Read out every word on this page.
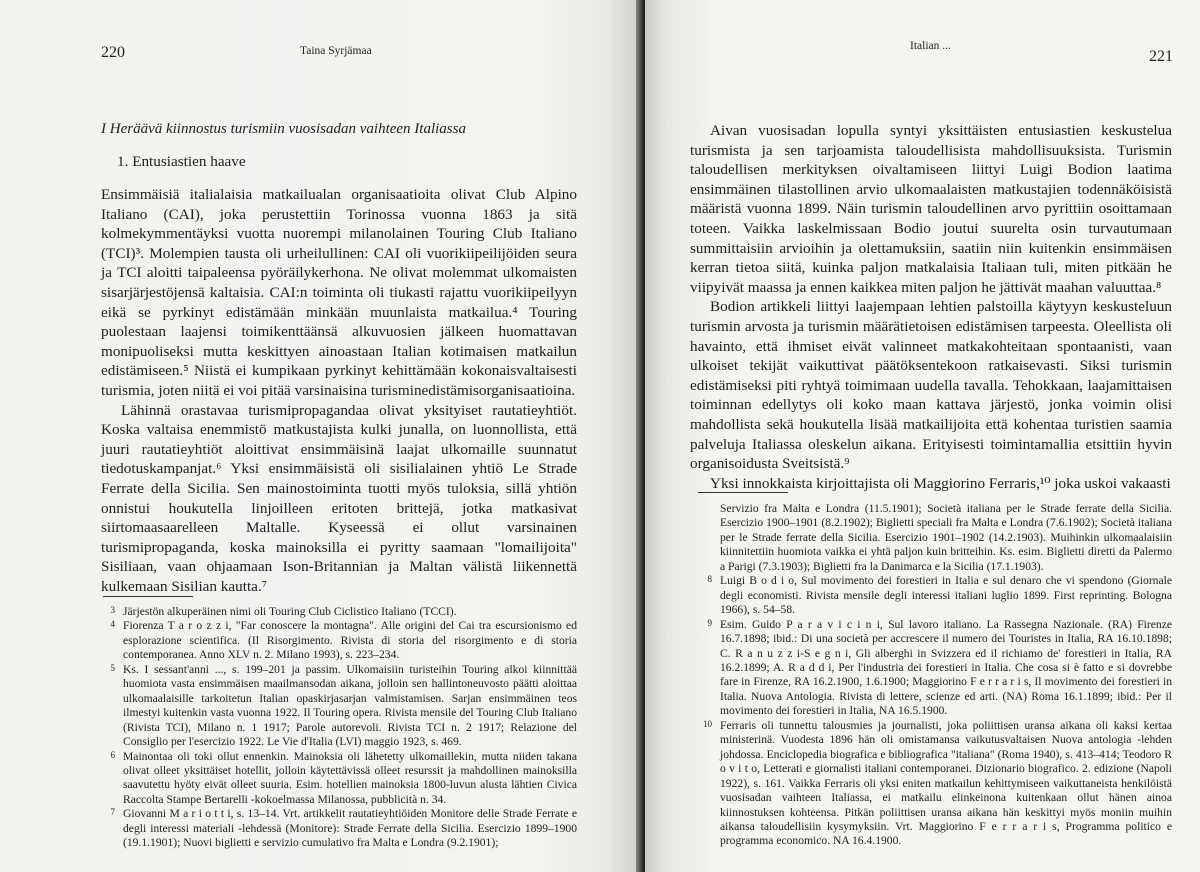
220	Taina Syrjämaa
I Heräävä kiinnostus turismiin vuosisadan vaihteen Italiassa
1. Entusiastien haave

Ensimmäisiä italialaisia matkailualan organisaatioita olivat Club Alpino Italiano (CAI), joka perustettiin Torinossa vuonna 1863 ja sitä kolmekymmentäyksi vuotta nuorempi milanolainen Touring Club Italiano (TCI)³. Molempien tausta oli urheilullinen: CAI oli vuorikiipeilijöiden seura ja TCI aloitti taipaleensa pyöräilykerhona. Ne olivat molemmat ulkomaisten sisarjärjestöjensä kaltaisia. CAI:n toiminta oli tiukasti rajattu vuorikiipeilyyn eikä se pyrkinyt edistämään minkään muunlaista matkailua.⁴ Touring puolestaan laajensi toimikenttäänsä alkuvuosien jälkeen huomattavan monipuoliseksi mutta keskittyen ainoastaan Italian kotimaisen matkailun edistämiseen.⁵ Niistä ei kumpikaan pyrkinyt kehittämään kokonaisvaltaisesti turismia, joten niitä ei voi pitää varsinaisina turisminedistämisorganisaatioina.

Lähinnä orastavaa turismipropagandaa olivat yksityiset rautatieyhtiöt. Koska valtaisa enemmistö matkustajista kulki junalla, on luonnollista, että juuri rautatieyhtiöt aloittivat ensimmäisinä laajat ulkomaille suunnatut tiedotuskampanjat.⁶ Yksi ensimmäisistä oli sisilialainen yhtiö Le Strade Ferrate della Sicilia. Sen mainostoiminta tuotti myös tuloksia, sillä yhtiön onnistui houkutella linjoilleen eritoten brittejä, jotka matkasivat siirtomaasaarelleen Maltalle. Kyseessä ei ollut varsinainen turismipropaganda, koska mainoksilla ei pyritty saamaan "lomailijoita" Sisiliaan, vaan ohjaamaan Ison-Britannian ja Maltan välistä liikennettä kulkemaan Sisilian kautta.⁷

3 Järjestön alkuperäinen nimi oli Touring Club Ciclistico Italiano (TCCI).
4 Fiorenza T a r o z z i, "Far conoscere la montagna". Alle origini del Cai tra escursionismo ed esplorazione scientifica. (Il Risorgimento. Rivista di storia del risorgimento e di storia contemporanea. Anno XLV n. 2. Milano 1993), s. 223–234.
5 Ks. I sessant'anni ..., s. 199–201 ja passim. Ulkomaisiin turisteihin Touring alkoi kiinnittää huomiota vasta ensimmäisen maailmansodan aikana, jolloin sen hallintoneuvosto päätti aloittaa ulkomaalaisille tarkoitetun Italian opaskirjasarjan valmistamisen. Sarjan ensimmäinen teos ilmestyi kuitenkin vasta vuonna 1922. Il Touring opera. Rivista mensile del Touring Club Italiano (Rivista TCI), Milano n. 1 1917; Parole autorevoli. Rivista TCI n. 2 1917; Relazione del Consiglio per l'esercizio 1922. Le Vie d'Italia (LVI) maggio 1923, s. 469.
6 Mainontaa oli toki ollut ennenkin. Mainoksia oli lähetetty ulkomaillekin, mutta niiden takana olivat olleet yksittäiset hotellit, jolloin käytettävissä olleet resurssit ja mahdollinen mainoksilla saavutettu hyöty eivät olleet suuria. Esim. hotellien mainoksia 1800-luvun alusta lähtien Civica Raccolta Stampe Bertarelli -kokoelmassa Milanossa, pubblicità n. 34.
7 Giovanni M a r i o t t i, s. 13–14. Vrt. artikkelit rautatieyhtiöiden Monitore delle Strade Ferrate e degli interessi materiali -lehdessä (Monitore): Strade Ferrate della Sicilia. Esercizio 1899–1900 (19.1.1901); Nuovi biglietti e servizio cumulativo fra Malta e Londra (9.2.1901);
Italian ...
221

Aivan vuosisadan lopulla syntyi yksittäisten entusiastien keskustelua turismista ja sen tarjoamista taloudellisista mahdollisuuksista. Turismin taloudellisen merkityksen oivaltamiseen liittyi Luigi Bodion laatima ensimmäinen tilastollinen arvio ulkomaalaisten matkustajien todennäköisistä määristä vuonna 1899. Näin turismin taloudellinen arvo pyrittiin osoittamaan toteen. Vaikka laskelmissaan Bodio joutui suurelta osin turvautumaan summittaisiin arvioihin ja olettamuksiin, saatiin niin kuitenkin ensimmäisen kerran tietoa siitä, kuinka paljon matkalaisia Italiaan tuli, miten pitkään he viipyivät maassa ja ennen kaikkea miten paljon he jättivät maahan valuuttaa.⁸

Bodion artikkeli liittyi laajempaan lehtien palstoilla käytyyn keskusteluun turismin arvosta ja turismin määrätietoisen edistämisen tarpeesta. Oleellista oli havainto, että ihmiset eivät valinneet matkakohteitaan spontaanisti, vaan ulkoiset tekijät vaikuttivat päätöksentekoon ratkaisevasti. Siksi turismin edistämiseksi piti ryhtyä toimimaan uudella tavalla. Tehokkaan, laajamittaisen toiminnan edellytys oli koko maan kattava järjestö, jonka voimin olisi mahdollista sekä houkutella lisää matkailijoita että kohentaa turistien saamia palveluja Italiassa oleskelun aikana. Erityisesti toimintamallia etsittiin hyvin organisoidusta Sveitsistä.⁹

Yksi innokkaista kirjoittajista oli Maggiorino Ferraris,¹⁰ joka uskoi vakaasti

Servizio fra Malta e Londra (11.5.1901); Società italiana per le Strade ferrate della Sicilia. Esercizio 1900–1901 (8.2.1902); Biglietti speciali fra Malta e Londra (7.6.1902); Società italiana per le Strade ferrate della Sicilia. Esercizio 1901–1902 (14.2.1903). Muihinkin ulkomaalaisiin kiinnitettiin huomiota vaikka ei yhtä paljon kuin britteihin. Ks. esim. Biglietti diretti da Palermo a Parigi (7.3.1903); Biglietti fra la Danimarca e la Sicilia (17.1.1903).
8 Luigi B o d i o, Sul movimento dei forestieri in Italia e sul denaro che vi spendono (Giornale degli economisti. Rivista mensile degli interessi italiani luglio 1899. First reprinting. Bologna 1966), s. 54–58.
9 Esim. Guido P a r a v i c i n i, Sul lavoro italiano. La Rassegna Nazionale. (RA) Firenze 16.7.1898; ibid.: Di una società per accrescere il numero dei Touristes in Italia, RA 16.10.1898; C. R a n u z z i-S e g n i, Gli alberghi in Svizzera ed il richiamo de' forestieri in Italia, RA 16.2.1899; A. R a d d i, Per l'industria dei forestieri in Italia. Che cosa si è fatto e si dovrebbe fare in Firenze, RA 16.2.1900, 1.6.1900; Maggiorino F e r r a r i s, Il movimento dei forestieri in Italia. Nuova Antologia. Rivista di lettere, scienze ed arti. (NA) Roma 16.1.1899; ibid.: Per il movimento dei forestieri in Italia, NA 16.5.1900.
10 Ferraris oli tunnettu talousmies ja journalisti, joka poliittisen uransa aikana oli kaksi kertaa ministerinä. Vuodesta 1896 hän oli omistamansa vaikutusvaltaisen Nuova antologia -lehden johdossa. Enciclopedia biografica e bibliografica "italiana" (Roma 1940), s. 413–414; Teodoro R o v i t o, Letterati e giornalisti italiani contemporanei. Dizionario biografico. 2. edizione (Napoli 1922), s. 161. Vaikka Ferraris oli yksi eniten matkailun kehittymiseen vaikuttaneista henkilöistä vuosisadan vaihteen Italiassa, ei matkailu elinkeinona kuitenkaan ollut hänen ainoa kiinnostuksen kohteensa. Pitkän poliittisen uransa aikana hän keskittyi myös moniin muihin aikansa taloudellisiin kysymyksiin. Vrt. Maggiorino F e r r a r i s, Programma politico e programma economico. NA 16.4.1900.
